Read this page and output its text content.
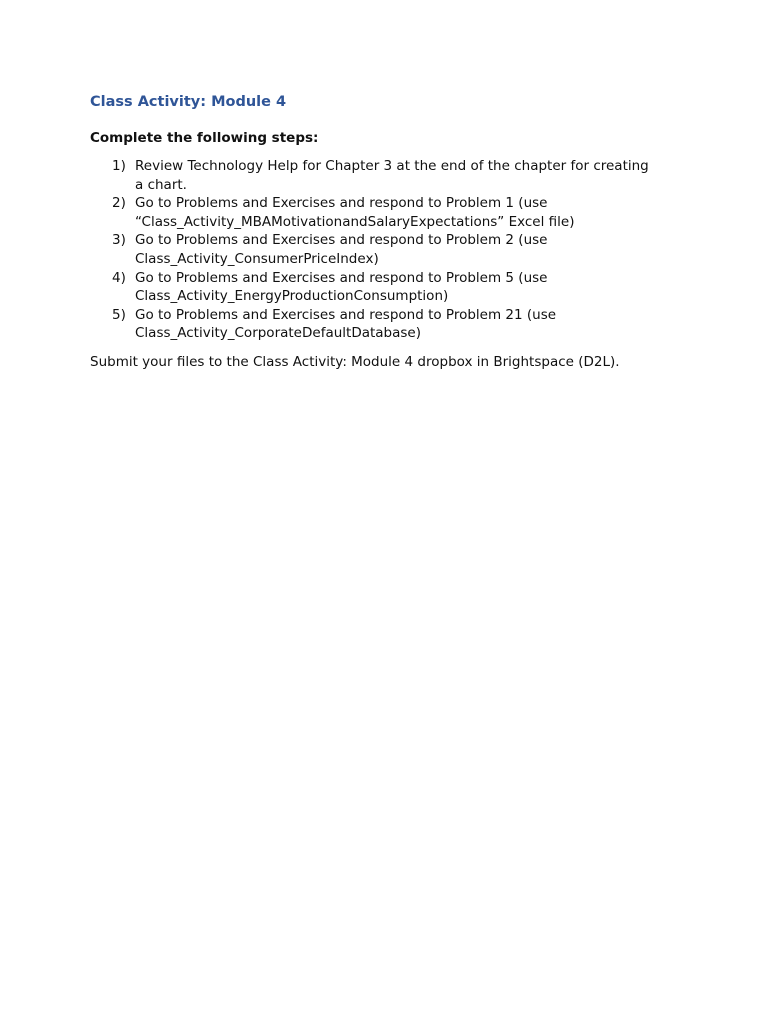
Class Activity: Module 4

Complete the following steps:

1) Review Technology Help for Chapter 3 at the end of the chapter for creating
a chart.
2) Go to Problems and Exercises and respond to Problem 1 (use
“Class_Activity_MBAMotivationandSalaryExpectations” Excel file)
3) Go to Problems and Exercises and respond to Problem 2 (use
Class_Activity_ConsumerPriceIndex)
4) Go to Problems and Exercises and respond to Problem 5 (use
Class_Activity_EnergyProductionConsumption)
5) Go to Problems and Exercises and respond to Problem 21 (use
Class_Activity_CorporateDefaultDatabase)

Submit your files to the Class Activity: Module 4 dropbox in Brightspace (D2L).
